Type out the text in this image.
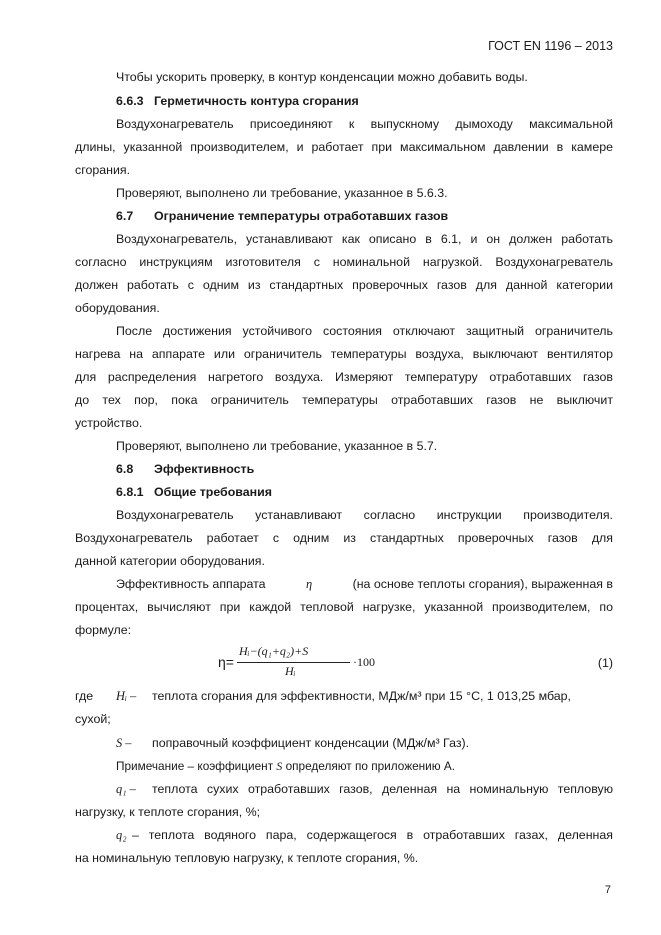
ГОСТ EN 1196 – 2013
Чтобы ускорить проверку, в контур конденсации можно добавить воды.
6.6.3 Герметичность контура сгорания
Воздухонагреватель присоединяют к выпускному дымоходу максимальной
длины, указанной производителем, и работает при максимальном давлении в камере
сгорания.
Проверяют, выполнено ли требование, указанное в 5.6.3.
6.7 Ограничение температуры отработавших газов
Воздухонагреватель, устанавливают как описано в 6.1, и он должен работать
согласно инструкциям изготовителя с номинальной нагрузкой. Воздухонагреватель
должен работать с одним из стандартных проверочных газов для данной категории
оборудования.
После достижения устойчивого состояния отключают защитный ограничитель
нагрева на аппарате или ограничитель температуры воздуха, выключают вентилятор
для распределения нагретого воздуха. Измеряют температуру отработавших газов
до тех пор, пока ограничитель температуры отработавших газов не выключит
устройство.
Проверяют, выполнено ли требование, указанное в 5.7.
6.8 Эффективность
6.8.1 Общие требования
Воздухонагреватель устанавливают согласно инструкции производителя.
Воздухонагреватель работает с одним из стандартных проверочных газов для
данной категории оборудования.
Эффективность аппарата	η	(на основе теплоты сгорания), выраженная в
процентах, вычисляют при каждой тепловой нагрузке, указанной производителем, по
формуле:
η=
Hᵢ−(q₁+q₂)+S
Hᵢ
·100	(1)
где Hᵢ – теплота сгорания для эффективности, МДж/м³ при 15 °С, 1 013,25 мбар,
сухой;
S – поправочный коэффициент конденсации (МДж/м³ Газ).
Примечание – коэффициент S определяют по приложению А.
q₁ –	теплота сухих отработавших газов, деленная на номинальную тепловую
нагрузку, к теплоте сгорания, %;
q₂ – теплота водяного пара, содержащегося в отработавших газах, деленная
на номинальную тепловую нагрузку, к теплоте сгорания, %.
7
